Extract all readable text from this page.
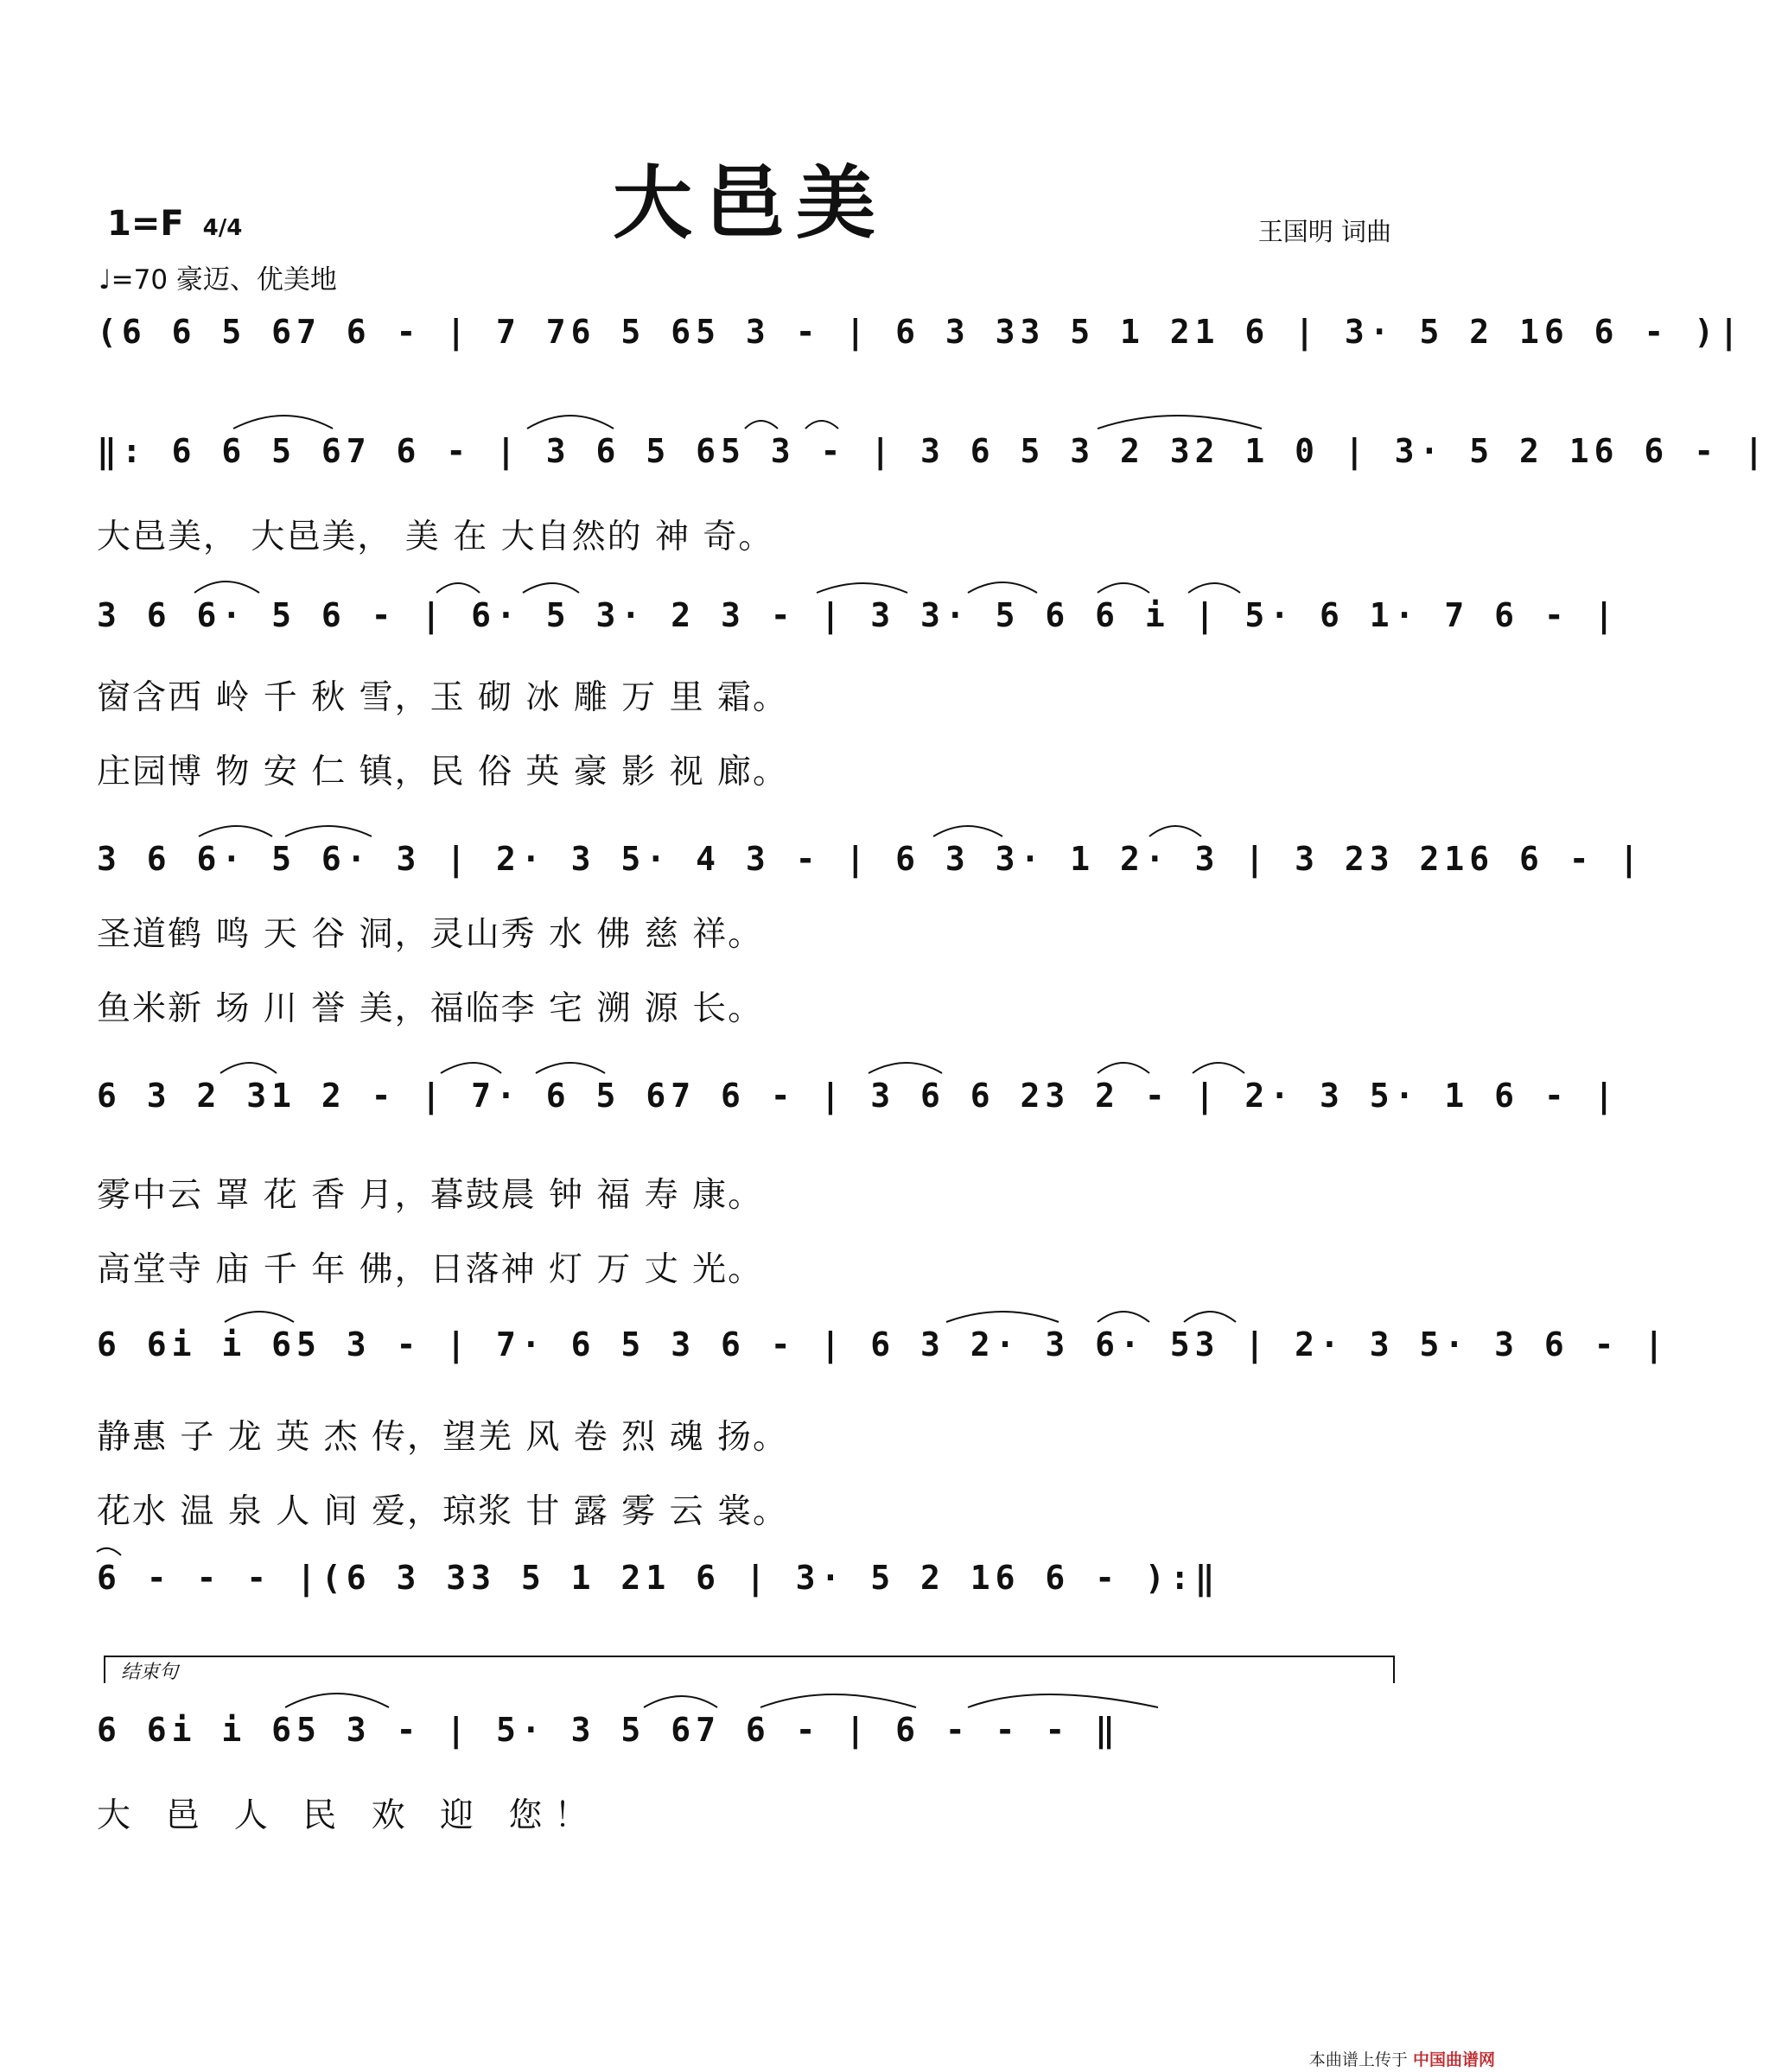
大邑美
1=F 4/4
♩=70 豪迈、优美地
王国明 词曲
(6 6 5 67 6 - | 7 76 5 65 3 - | 6 3 33 5 1 21 6 | 3· 5 2 16 6 - )|
‖: 6 6 5 67 6 - | 3 6 5 65 3 - | 3 6 5 3 2 32 1 0 | 3· 5 2 16 6 - |
大邑美， 大邑美， 美 在 大自然的 神 奇。
3 6 6· 5 6 - | 6· 5 3· 2 3 - | 3 3· 5 6 6 i | 5· 6 1· 7 6 - |
窗含西 岭 千 秋 雪，玉 砌 冰 雕 万 里 霜。
庄园博 物 安 仁 镇，民 俗 英 豪 影 视 廊。
3 6 6· 5 6· 3 | 2· 3 5· 4 3 - | 6 3 3· 1 2· 3 | 3 23 216 6 - |
圣道鹤 鸣 天 谷 洞，灵山秀 水 佛 慈 祥。
鱼米新 场 川 誉 美，福临李 宅 溯 源 长。
6 3 2 31 2 - | 7· 6 5 67 6 - | 3 6 6 23 2 - | 2· 3 5· 1 6 - |
雾中云 罩 花 香 月，暮鼓晨 钟 福 寿 康。
高堂寺 庙 千 年 佛，日落神 灯 万 丈 光。
6 6i i 65 3 - | 7· 6 5 3 6 - | 6 3 2· 3 6· 53 | 2· 3 5· 3 6 - |
静惠 子 龙 英 杰 传，望羌 风 卷 烈 魂 扬。
花水 温 泉 人 间 爱，琼浆 甘 露 雾 云 裳。
6 - - - |(6 3 33 5 1 21 6 | 3· 5 2 16 6 - ):‖
结束句
6 6i i 65 3 - | 5· 3 5 67 6 - | 6 - - - ‖
大 邑 人 民 欢 迎 您！
本曲谱上传于 中国曲谱网
